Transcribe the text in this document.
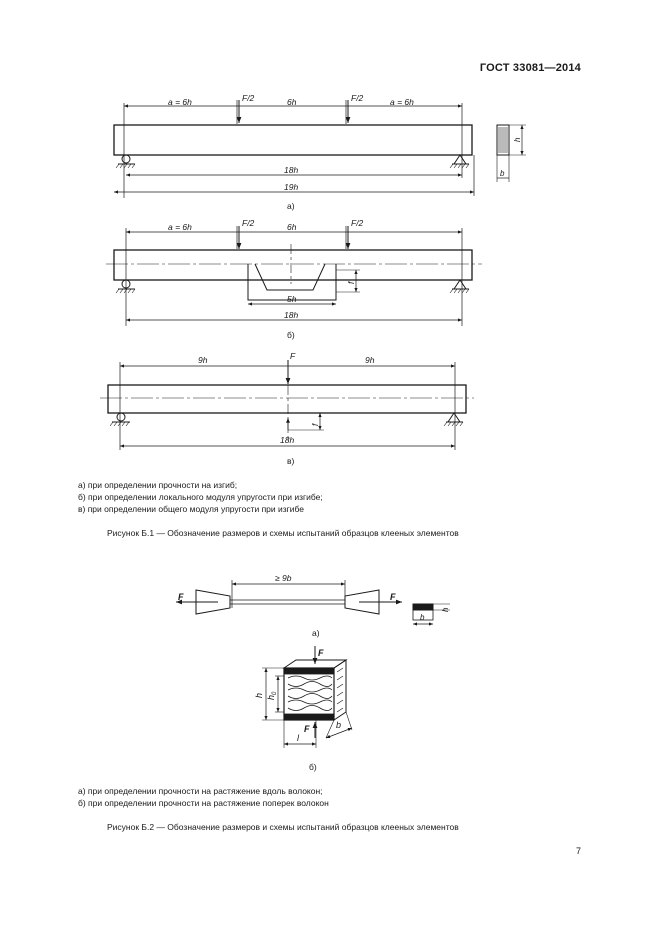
ГОСТ 33081—2014
a = 6h	6h	a = 6h
F/2	F/2
18h
19h
h
b
а)
a = 6h	6h
F/2	F/2
5h
f
18h
б)
9h	9h
F
f
18h
в)
≥ 9b
F	F
b
h
а)
F
F
h $h_0$
l
b
б)
а) при определении прочности на изгиб;
б) при определении локального модуля упругости при изгибе;
в) при определении общего модуля упругости при изгибе
Рисунок Б.1 — Обозначение размеров и схемы испытаний образцов клееных элементов
а) при определении прочности на растяжение вдоль волокон;
б) при определении прочности на растяжение поперек волокон
Рисунок Б.2 — Обозначение размеров и схемы испытаний образцов клееных элементов
7
